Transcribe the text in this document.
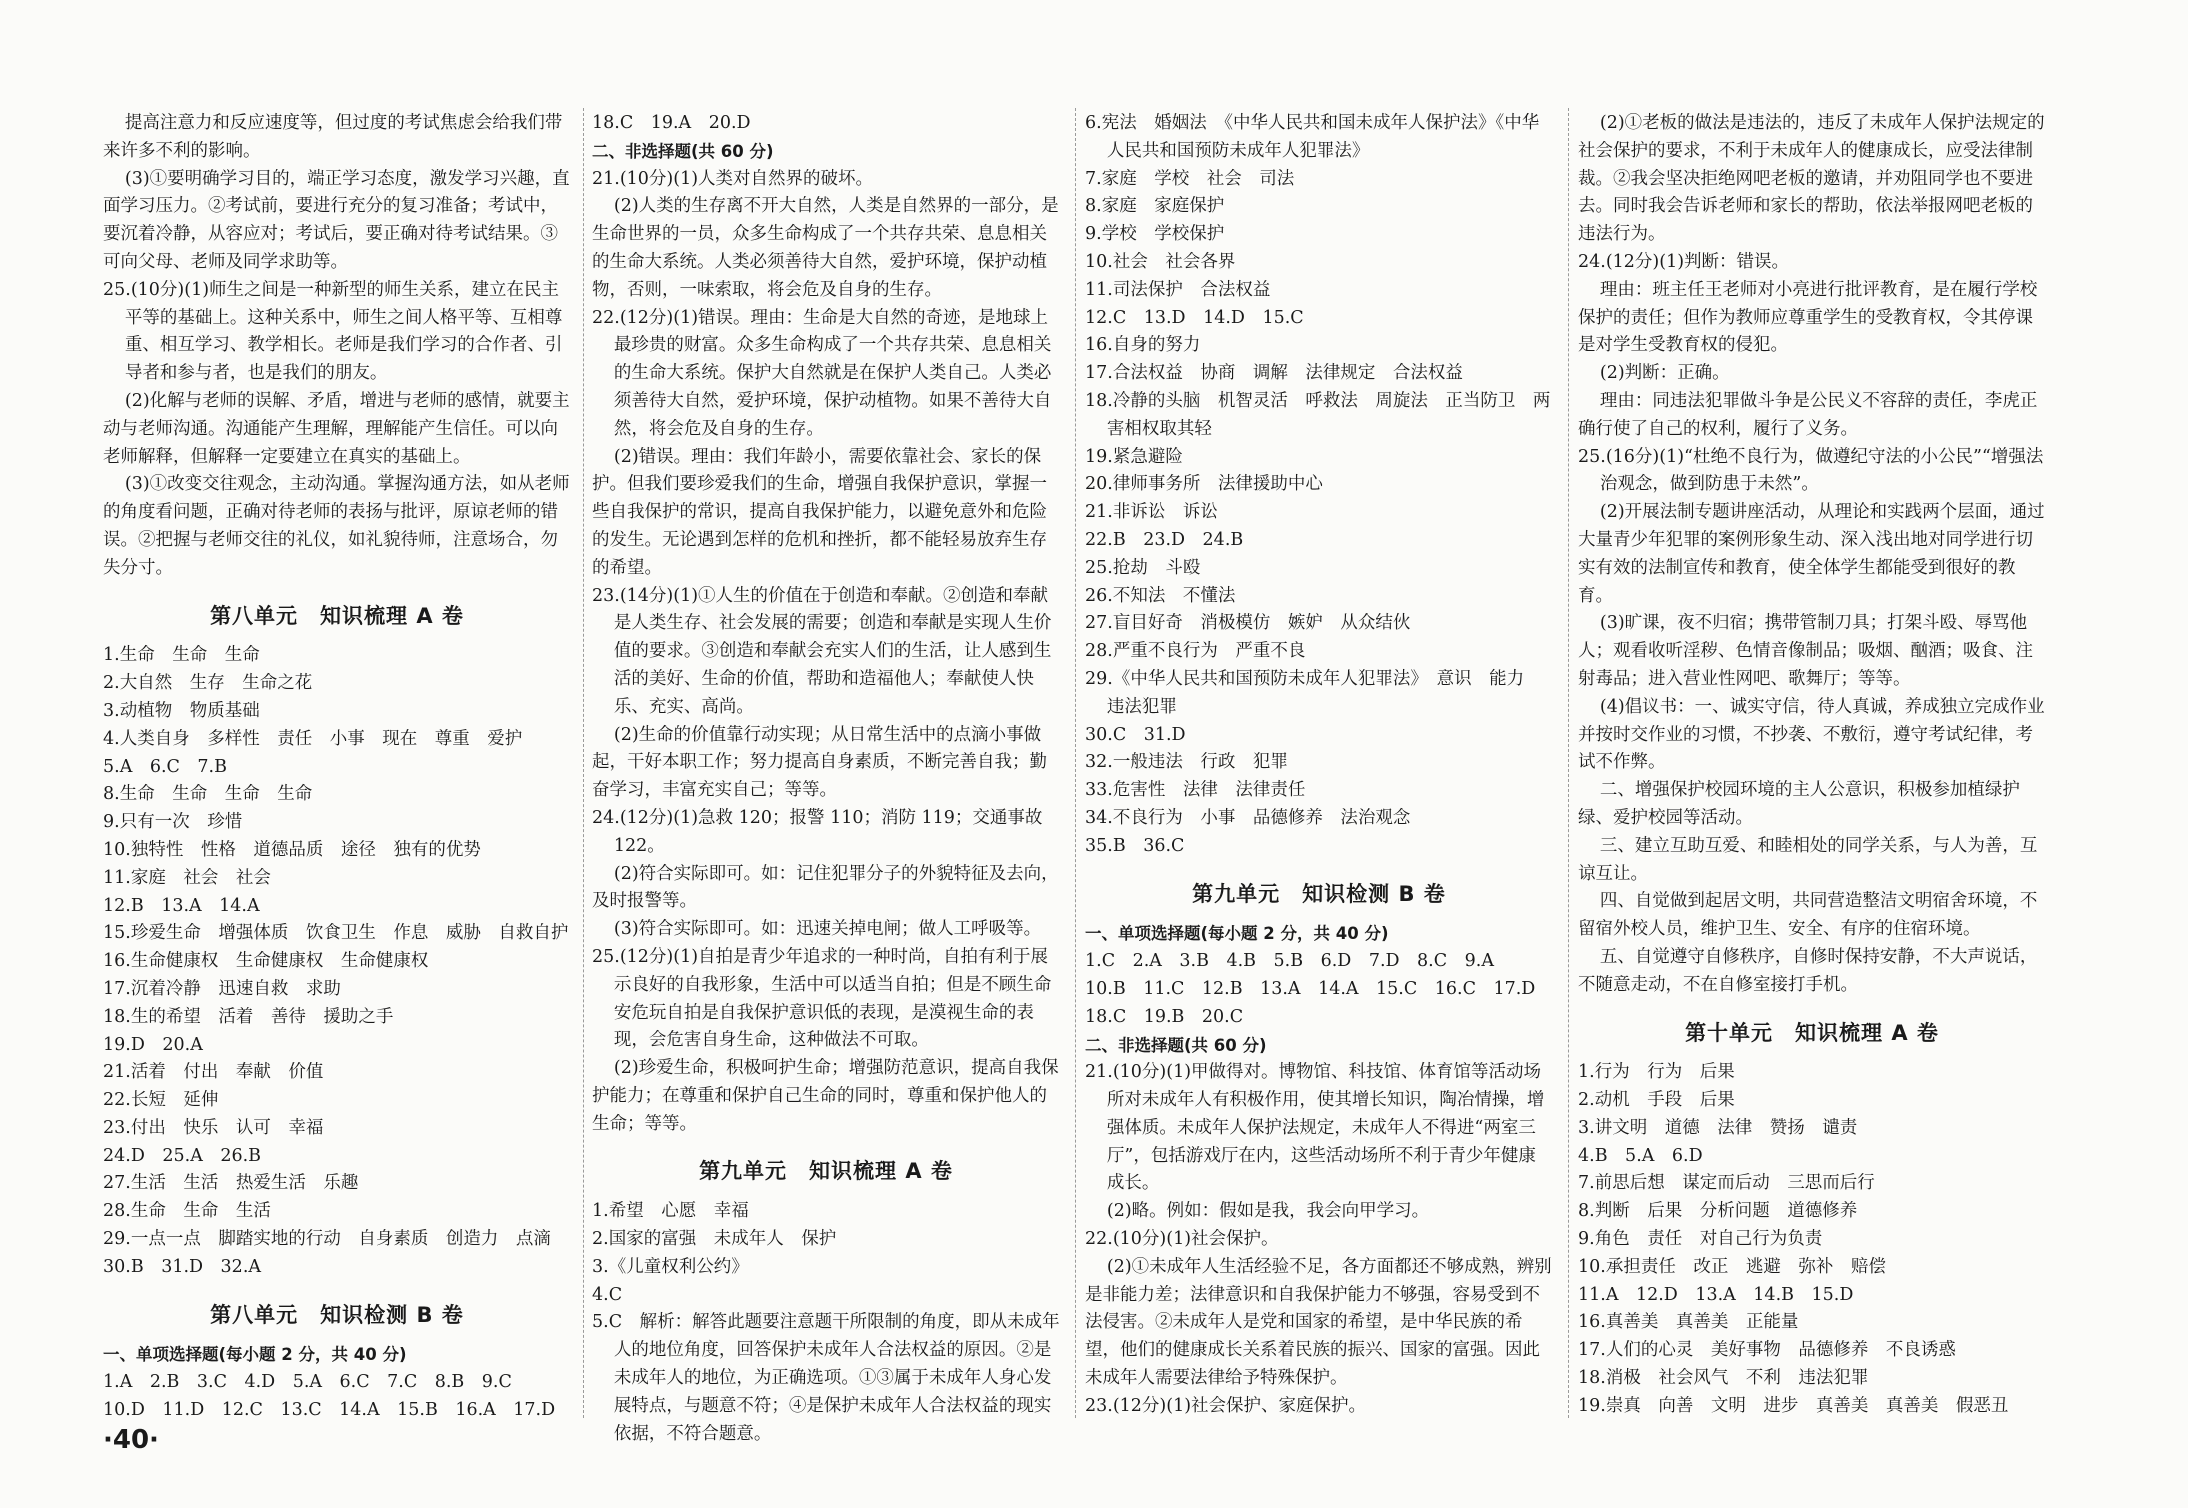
提高注意力和反应速度等，但过度的考试焦虑会给我们带来许多不利的影响。
(3)①要明确学习目的，端正学习态度，激发学习兴趣，直面学习压力。②考试前，要进行充分的复习准备；考试中，要沉着冷静，从容应对；考试后，要正确对待考试结果。③可向父母、老师及同学求助等。
25.(10分)(1)师生之间是一种新型的师生关系，建立在民主平等的基础上。这种关系中，师生之间人格平等、互相尊重、相互学习、教学相长。老师是我们学习的合作者、引导者和参与者，也是我们的朋友。
(2)化解与老师的误解、矛盾，增进与老师的感情，就要主动与老师沟通。沟通能产生理解，理解能产生信任。可以向老师解释，但解释一定要建立在真实的基础上。
(3)①改变交往观念，主动沟通。掌握沟通方法，如从老师的角度看问题，正确对待老师的表扬与批评，原谅老师的错误。②把握与老师交往的礼仪，如礼貌待师，注意场合，勿失分寸。
第八单元　知识梳理 A 卷
1.生命　生命　生命
2.大自然　生存　生命之花
3.动植物　物质基础
4.人类自身　多样性　责任　小事　现在　尊重　爱护
5.A　6.C　7.B
8.生命　生命　生命　生命
9.只有一次　珍惜
10.独特性　性格　道德品质　途径　独有的优势
11.家庭　社会　社会
12.B　13.A　14.A
15.珍爱生命　增强体质　饮食卫生　作息　威胁　自救自护
16.生命健康权　生命健康权　生命健康权
17.沉着冷静　迅速自救　求助
18.生的希望　活着　善待　援助之手
19.D　20.A
21.活着　付出　奉献　价值
22.长短　延伸
23.付出　快乐　认可　幸福
24.D　25.A　26.B
27.生活　生活　热爱生活　乐趣
28.生命　生命　生活
29.一点一点　脚踏实地的行动　自身素质　创造力　点滴
30.B　31.D　32.A
第八单元　知识检测 B 卷
一、单项选择题(每小题 2 分，共 40 分)
1.A　2.B　3.C　4.D　5.A　6.C　7.C　8.B　9.C
10.D　11.D　12.C　13.C　14.A　15.B　16.A　17.D
18.C　19.A　20.D
二、非选择题(共 60 分)
21.(10分)(1)人类对自然界的破坏。
(2)人类的生存离不开大自然，人类是自然界的一部分，是生命世界的一员，众多生命构成了一个共存共荣、息息相关的生命大系统。人类必须善待大自然，爱护环境，保护动植物，否则，一味索取，将会危及自身的生存。
22.(12分)(1)错误。理由：生命是大自然的奇迹，是地球上最珍贵的财富。众多生命构成了一个共存共荣、息息相关的生命大系统。保护大自然就是在保护人类自己。人类必须善待大自然，爱护环境，保护动植物。如果不善待大自然，将会危及自身的生存。
(2)错误。理由：我们年龄小，需要依靠社会、家长的保护。但我们要珍爱我们的生命，增强自我保护意识，掌握一些自我保护的常识，提高自我保护能力，以避免意外和危险的发生。无论遇到怎样的危机和挫折，都不能轻易放弃生存的希望。
23.(14分)(1)①人生的价值在于创造和奉献。②创造和奉献是人类生存、社会发展的需要；创造和奉献是实现人生价值的要求。③创造和奉献会充实人们的生活，让人感到生活的美好、生命的价值，帮助和造福他人；奉献使人快乐、充实、高尚。
(2)生命的价值靠行动实现；从日常生活中的点滴小事做起，干好本职工作；努力提高自身素质，不断完善自我；勤奋学习，丰富充实自己；等等。
24.(12分)(1)急救 120；报警 110；消防 119；交通事故 122。
(2)符合实际即可。如：记住犯罪分子的外貌特征及去向，及时报警等。
(3)符合实际即可。如：迅速关掉电闸；做人工呼吸等。
25.(12分)(1)自拍是青少年追求的一种时尚，自拍有利于展示良好的自我形象，生活中可以适当自拍；但是不顾生命安危玩自拍是自我保护意识低的表现，是漠视生命的表现，会危害自身生命，这种做法不可取。
(2)珍爱生命，积极呵护生命；增强防范意识，提高自我保护能力；在尊重和保护自己生命的同时，尊重和保护他人的生命；等等。
第九单元　知识梳理 A 卷
1.希望　心愿　幸福
2.国家的富强　未成年人　保护
3.《儿童权利公约》
4.C
5.C　解析：解答此题要注意题干所限制的角度，即从未成年人的地位角度，回答保护未成年人合法权益的原因。②是未成年人的地位，为正确选项。①③属于未成年人身心发展特点，与题意不符；④是保护未成年人合法权益的现实依据，不符合题意。
6.宪法　婚姻法　《中华人民共和国未成年人保护法》《中华人民共和国预防未成年人犯罪法》
7.家庭　学校　社会　司法
8.家庭　家庭保护
9.学校　学校保护
10.社会　社会各界
11.司法保护　合法权益
12.C　13.D　14.D　15.C
16.自身的努力
17.合法权益　协商　调解　法律规定　合法权益
18.冷静的头脑　机智灵活　呼救法　周旋法　正当防卫　两害相权取其轻
19.紧急避险
20.律师事务所　法律援助中心
21.非诉讼　诉讼
22.B　23.D　24.B
25.抢劫　斗殴
26.不知法　不懂法
27.盲目好奇　消极模仿　嫉妒　从众结伙
28.严重不良行为　严重不良
29.《中华人民共和国预防未成年人犯罪法》　意识　能力　违法犯罪
30.C　31.D
32.一般违法　行政　犯罪
33.危害性　法律　法律责任
34.不良行为　小事　品德修养　法治观念
35.B　36.C
第九单元　知识检测 B 卷
一、单项选择题(每小题 2 分，共 40 分)
1.C　2.A　3.B　4.B　5.B　6.D　7.D　8.C　9.A
10.B　11.C　12.B　13.A　14.A　15.C　16.C　17.D
18.C　19.B　20.C
二、非选择题(共 60 分)
21.(10分)(1)甲做得对。博物馆、科技馆、体育馆等活动场所对未成年人有积极作用，使其增长知识，陶冶情操，增强体质。未成年人保护法规定，未成年人不得进“两室三厅”，包括游戏厅在内，这些活动场所不利于青少年健康成长。
(2)略。例如：假如是我，我会向甲学习。
22.(10分)(1)社会保护。
(2)①未成年人生活经验不足，各方面都还不够成熟，辨别是非能力差；法律意识和自我保护能力不够强，容易受到不法侵害。②未成年人是党和国家的希望，是中华民族的希望，他们的健康成长关系着民族的振兴、国家的富强。因此未成年人需要法律给予特殊保护。
23.(12分)(1)社会保护、家庭保护。
(2)①老板的做法是违法的，违反了未成年人保护法规定的社会保护的要求，不利于未成年人的健康成长，应受法律制裁。②我会坚决拒绝网吧老板的邀请，并劝阻同学也不要进去。同时我会告诉老师和家长的帮助，依法举报网吧老板的违法行为。
24.(12分)(1)判断：错误。
理由：班主任王老师对小亮进行批评教育，是在履行学校保护的责任；但作为教师应尊重学生的受教育权，令其停课是对学生受教育权的侵犯。
(2)判断：正确。
理由：同违法犯罪做斗争是公民义不容辞的责任，李虎正确行使了自己的权利，履行了义务。
25.(16分)(1)“杜绝不良行为，做遵纪守法的小公民”“增强法治观念，做到防患于未然”。
(2)开展法制专题讲座活动，从理论和实践两个层面，通过大量青少年犯罪的案例形象生动、深入浅出地对同学进行切实有效的法制宣传和教育，使全体学生都能受到很好的教育。
(3)旷课，夜不归宿；携带管制刀具；打架斗殴、辱骂他人；观看收听淫秽、色情音像制品；吸烟、酗酒；吸食、注射毒品；进入营业性网吧、歌舞厅；等等。
(4)倡议书：一、诚实守信，待人真诚，养成独立完成作业并按时交作业的习惯，不抄袭、不敷衍，遵守考试纪律，考试不作弊。
二、增强保护校园环境的主人公意识，积极参加植绿护绿、爱护校园等活动。
三、建立互助互爱、和睦相处的同学关系，与人为善，互谅互让。
四、自觉做到起居文明，共同营造整洁文明宿舍环境，不留宿外校人员，维护卫生、安全、有序的住宿环境。
五、自觉遵守自修秩序，自修时保持安静，不大声说话，不随意走动，不在自修室接打手机。
第十单元　知识梳理 A 卷
1.行为　行为　后果
2.动机　手段　后果
3.讲文明　道德　法律　赞扬　谴责
4.B　5.A　6.D
7.前思后想　谋定而后动　三思而后行
8.判断　后果　分析问题　道德修养
9.角色　责任　对自己行为负责
10.承担责任　改正　逃避　弥补　赔偿
11.A　12.D　13.A　14.B　15.D
16.真善美　真善美　正能量
17.人们的心灵　美好事物　品德修养　不良诱惑
18.消极　社会风气　不利　违法犯罪
19.崇真　向善　文明　进步　真善美　真善美　假恶丑
·40·
